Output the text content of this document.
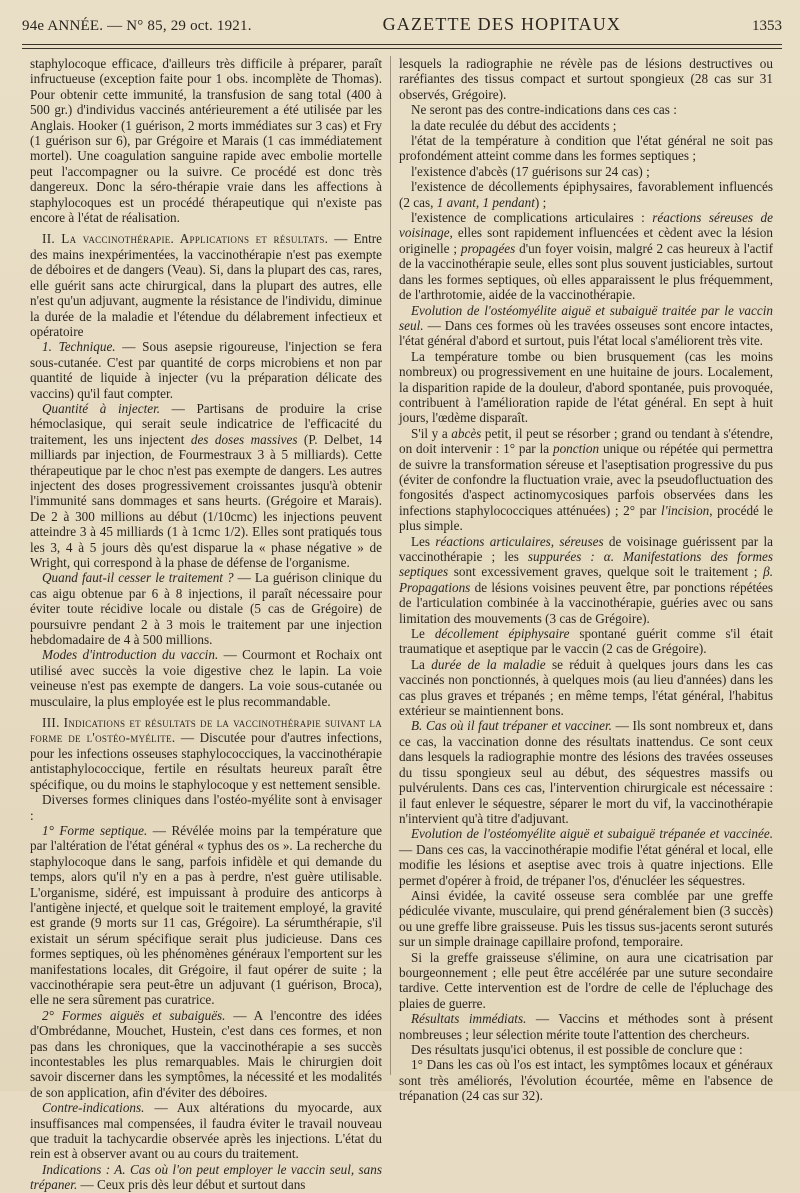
94e ANNÉE. — N° 85, 29 oct. 1921.	GAZETTE DES HOPITAUX	1353

staphylocoque efficace, d'ailleurs très difficile à préparer, paraît infructueuse (exception faite pour 1 obs. incomplète de Thomas). Pour obtenir cette immunité, la transfusion de sang total (400 à 500 gr.) d'individus vaccinés antérieurement a été utilisée par les Anglais. Hooker (1 guérison, 2 morts immédiates sur 3 cas) et Fry (1 guérison sur 6), par Grégoire et Marais (1 cas immédiatement mortel). Une coagulation sanguine rapide avec embolie mortelle peut l'accompagner ou la suivre. Ce procédé est donc très dangereux. Donc la séro-thérapie vraie dans les affections à staphylocoques est un procédé thérapeutique qui n'existe pas encore à l'état de réalisation.

II. La vaccinothérapie. Applications et résultats. — Entre des mains inexpérimentées, la vaccinothérapie n'est pas exempte de déboires et de dangers (Veau). Si, dans la plupart des cas, rares, elle guérit sans acte chirurgical, dans la plupart des autres, elle n'est qu'un adjuvant, augmente la résistance de l'individu, diminue la durée de la maladie et l'étendue du délabrement infectieux et opératoire

1. Technique. — Sous asepsie rigoureuse, l'injection se fera sous-cutanée. C'est par quantité de corps microbiens et non par quantité de liquide à injecter (vu la préparation délicate des vaccins) qu'il faut compter.

Quantité à injecter. — Partisans de produire la crise hémoclasique, qui serait seule indicatrice de l'efficacité du traitement, les uns injectent des doses massives (P. Delbet, 14 milliards par injection, de Fourmestraux 3 à 5 milliards). Cette thérapeutique par le choc n'est pas exempte de dangers. Les autres injectent des doses progressivement croissantes jusqu'à obtenir l'immunité sans dommages et sans heurts. (Grégoire et Marais). De 2 à 300 millions au début (1/10cmc) les injections peuvent atteindre 3 à 45 milliards (1 à 1cmc 1/2). Elles sont pratiqués tous les 3, 4 à 5 jours dès qu'est disparue la « phase négative » de Wright, qui correspond à la phase de défense de l'organisme.

Quand faut-il cesser le traitement ? — La guérison clinique du cas aigu obtenue par 6 à 8 injections, il paraît nécessaire pour éviter toute récidive locale ou distale (5 cas de Grégoire) de poursuivre pendant 2 à 3 mois le traitement par une injection hebdomadaire de 4 à 500 millions.

Modes d'introduction du vaccin. — Courmont et Rochaix ont utilisé avec succès la voie digestive chez le lapin. La voie veineuse n'est pas exempte de dangers. La voie sous-cutanée ou musculaire, la plus employée est le plus recommandable.

III. Indications et résultats de la vaccinothérapie suivant la forme de l'ostéo-myélite. — Discutée pour d'autres infections, pour les infections osseuses staphylococciques, la vaccinothérapie antistaphylococcique, fertile en résultats heureux paraît être spécifique, ou du moins le staphylocoque y est nettement sensible.

Diverses formes cliniques dans l'ostéo-myélite sont à envisager :

1° Forme septique. — Révélée moins par la température que par l'altération de l'état général « typhus des os ». La recherche du staphylocoque dans le sang, parfois infidèle et qui demande du temps, alors qu'il n'y en a pas à perdre, n'est guère utilisable. L'organisme, sidéré, est impuissant à produire des anticorps à l'antigène injecté, et quelque soit le traitement employé, la gravité est grande (9 morts sur 11 cas, Grégoire). La sérumthérapie, s'il existait un sérum spécifique serait plus judicieuse. Dans ces formes septiques, où les phénomènes généraux l'emportent sur les manifestations locales, dit Grégoire, il faut opérer de suite ; la vaccinothérapie sera peut-être un adjuvant (1 guérison, Broca), elle ne sera sûrement pas curatrice.

2° Formes aiguës et subaiguës. — A l'encontre des idées d'Ombrédanne, Mouchet, Hustein, c'est dans ces formes, et non pas dans les chroniques, que la vaccinothérapie a ses succès incontestables les plus remarquables. Mais le chirurgien doit savoir discerner dans les symptômes, la nécessité et les modalités de son application, afin d'éviter des déboires.

Contre-indications. — Aux altérations du myocarde, aux insuffisances mal compensées, il faudra éviter le travail nouveau que traduit la tachycardie observée après les injections. L'état du rein est à observer avant ou au cours du traitement.

Indications : A. Cas où l'on peut employer le vaccin seul, sans trépaner. — Ceux pris dès leur début et surtout dans

lesquels la radiographie ne révèle pas de lésions destructives ou raréfiantes des tissus compact et surtout spongieux (28 cas sur 31 observés, Grégoire).

Ne seront pas des contre-indications dans ces cas :

la date reculée du début des accidents ;

l'état de la température à condition que l'état général ne soit pas profondément atteint comme dans les formes septiques ;

l'existence d'abcès (17 guérisons sur 24 cas) ;

l'existence de décollements épiphysaires, favorablement influencés (2 cas, 1 avant, 1 pendant) ;

l'existence de complications articulaires : réactions séreuses de voisinage, elles sont rapidement influencées et cèdent avec la lésion originelle ; propagées d'un foyer voisin, malgré 2 cas heureux à l'actif de la vaccinothérapie seule, elles sont plus souvent justiciables, surtout dans les formes septiques, où elles apparaissent le plus fréquemment, de l'arthrotomie, aidée de la vaccinothérapie.

Evolution de l'ostéomyélite aiguë et subaiguë traitée par le vaccin seul. — Dans ces formes où les travées osseuses sont encore intactes, l'état général d'abord et surtout, puis l'état local s'améliorent très vite.

La température tombe ou bien brusquement (cas les moins nombreux) ou progressivement en une huitaine de jours. Localement, la disparition rapide de la douleur, d'abord spontanée, puis provoquée, contribuent à l'amélioration rapide de l'état général. En sept à huit jours, l'œdème disparaît.

S'il y a abcès petit, il peut se résorber ; grand ou tendant à s'étendre, on doit intervenir : 1° par la ponction unique ou répétée qui permettra de suivre la transformation séreuse et l'aseptisation progressive du pus (éviter de confondre la fluctuation vraie, avec la pseudofluctuation des fongosités d'aspect actinomycosiques parfois observées dans les infections staphylococciques atténuées) ; 2° par l'incision, procédé le plus simple.

Les réactions articulaires, séreuses de voisinage guérissent par la vaccinothérapie ; les suppurées : α. Manifestations des formes septiques sont excessivement graves, quelque soit le traitement ; β. Propagations de lésions voisines peuvent être, par ponctions répétées de l'articulation combinée à la vaccinothérapie, guéries avec ou sans limitation des mouvements (3 cas de Grégoire).

Le décollement épiphysaire spontané guérit comme s'il était traumatique et aseptique par le vaccin (2 cas de Grégoire).

La durée de la maladie se réduit à quelques jours dans les cas vaccinés non ponctionnés, à quelques mois (au lieu d'années) dans les cas plus graves et trépanés ; en même temps, l'état général, l'habitus extérieur se maintiennent bons.

B. Cas où il faut trépaner et vacciner. — Ils sont nombreux et, dans ce cas, la vaccination donne des résultats inattendus. Ce sont ceux dans lesquels la radiographie montre des lésions des travées osseuses du tissu spongieux seul au début, des séquestres massifs ou pulvérulents. Dans ces cas, l'intervention chirurgicale est nécessaire : il faut enlever le séquestre, séparer le mort du vif, la vaccinothérapie n'intervient qu'à titre d'adjuvant.

Evolution de l'ostéomyélite aiguë et subaiguë trépanée et vaccinée. — Dans ces cas, la vaccinothérapie modifie l'état général et local, elle modifie les lésions et aseptise avec trois à quatre injections. Elle permet d'opérer à froid, de trépaner l'os, d'énucléer les séquestres.

Ainsi évidée, la cavité osseuse sera comblée par une greffe pédiculée vivante, musculaire, qui prend généralement bien (3 succès) ou une greffe libre graisseuse. Puis les tissus sus-jacents seront suturés sur un simple drainage capillaire profond, temporaire.

Si la greffe graisseuse s'élimine, on aura une cicatrisation par bourgeonnement ; elle peut être accélérée par une suture secondaire tardive. Cette intervention est de l'ordre de celle de l'épluchage des plaies de guerre.

Résultats immédiats. — Vaccins et méthodes sont à présent nombreuses ; leur sélection mérite toute l'attention des chercheurs.

Des résultats jusqu'ici obtenus, il est possible de conclure que :

1° Dans les cas où l'os est intact, les symptômes locaux et généraux sont très améliorés, l'évolution écourtée, même en l'absence de trépanation (24 cas sur 32).
